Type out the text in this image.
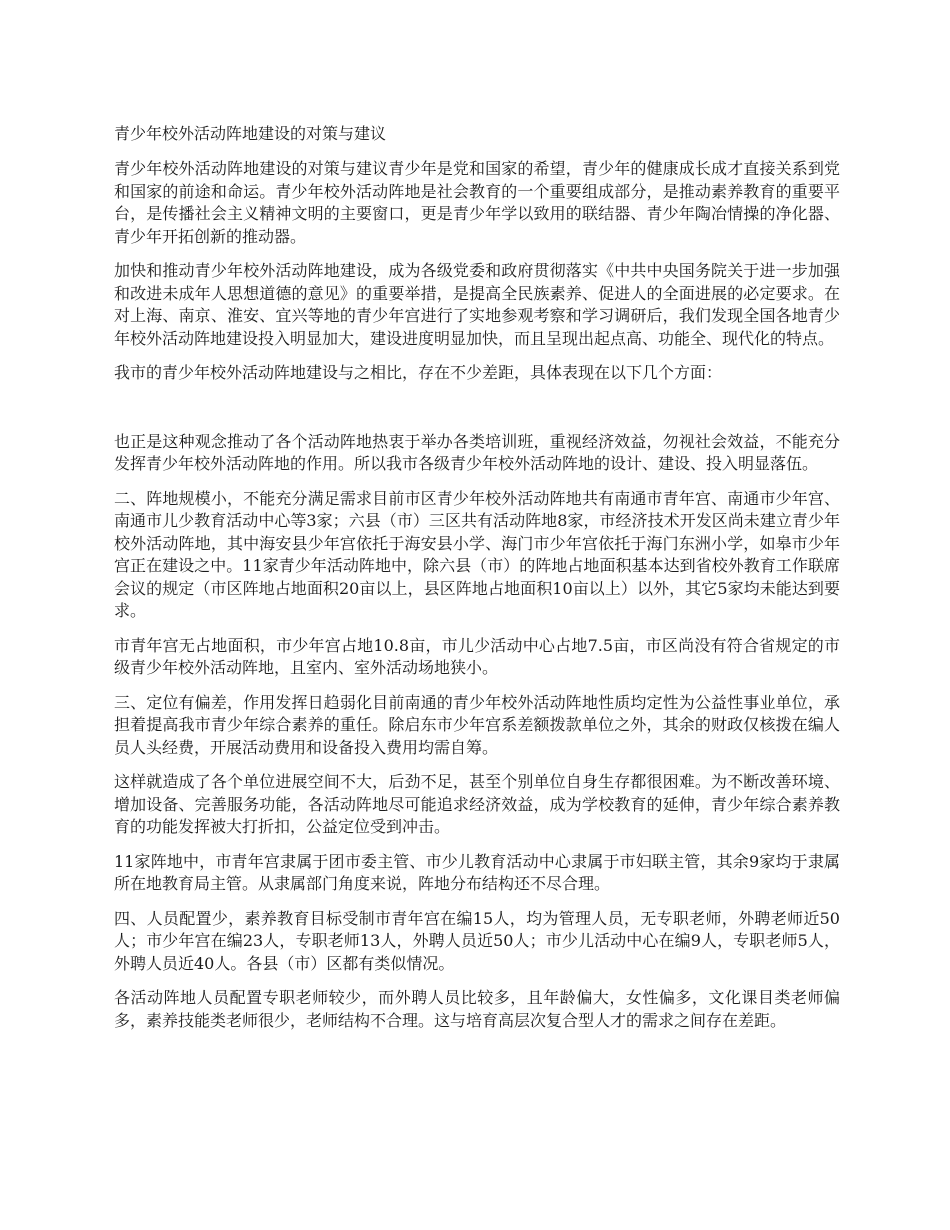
青少年校外活动阵地建设的对策与建议

青少年校外活动阵地建设的对策与建议青少年是党和国家的希望，青少年的健康成长成才直接关系到党和国家的前途和命运。青少年校外活动阵地是社会教育的一个重要组成部分，是推动素养教育的重要平台，是传播社会主义精神文明的主要窗口，更是青少年学以致用的联结器、青少年陶冶情操的净化器、青少年开拓创新的推动器。

加快和推动青少年校外活动阵地建设，成为各级党委和政府贯彻落实《中共中央国务院关于进一步加强和改进未成年人思想道德的意见》的重要举措，是提高全民族素养、促进人的全面进展的必定要求。在对上海、南京、淮安、宜兴等地的青少年宫进行了实地参观考察和学习调研后，我们发现全国各地青少年校外活动阵地建设投入明显加大，建设进度明显加快，而且呈现出起点高、功能全、现代化的特点。

我市的青少年校外活动阵地建设与之相比，存在不少差距，具体表现在以下几个方面：

也正是这种观念推动了各个活动阵地热衷于举办各类培训班，重视经济效益，勿视社会效益，不能充分发挥青少年校外活动阵地的作用。所以我市各级青少年校外活动阵地的设计、建设、投入明显落伍。

二、阵地规模小，不能充分满足需求目前市区青少年校外活动阵地共有南通市青年宫、南通市少年宫、南通市儿少教育活动中心等3家；六县（市）三区共有活动阵地8家，市经济技术开发区尚未建立青少年校外活动阵地，其中海安县少年宫依托于海安县小学、海门市少年宫依托于海门东洲小学，如皋市少年宫正在建设之中。11家青少年活动阵地中，除六县（市）的阵地占地面积基本达到省校外教育工作联席会议的规定（市区阵地占地面积20亩以上，县区阵地占地面积10亩以上）以外，其它5家均未能达到要求。

市青年宫无占地面积，市少年宫占地10.8亩，市儿少活动中心占地7.5亩，市区尚没有符合省规定的市级青少年校外活动阵地，且室内、室外活动场地狭小。

三、定位有偏差，作用发挥日趋弱化目前南通的青少年校外活动阵地性质均定性为公益性事业单位，承担着提高我市青少年综合素养的重任。除启东市少年宫系差额拨款单位之外，其余的财政仅核拨在编人员人头经费，开展活动费用和设备投入费用均需自筹。

这样就造成了各个单位进展空间不大，后劲不足，甚至个别单位自身生存都很困难。为不断改善环境、增加设备、完善服务功能，各活动阵地尽可能追求经济效益，成为学校教育的延伸，青少年综合素养教育的功能发挥被大打折扣，公益定位受到冲击。

11家阵地中，市青年宫隶属于团市委主管、市少儿教育活动中心隶属于市妇联主管，其余9家均于隶属所在地教育局主管。从隶属部门角度来说，阵地分布结构还不尽合理。

四、人员配置少，素养教育目标受制市青年宫在编15人，均为管理人员，无专职老师，外聘老师近50人；市少年宫在编23人，专职老师13人，外聘人员近50人；市少儿活动中心在编9人，专职老师5人，外聘人员近40人。各县（市）区都有类似情况。

各活动阵地人员配置专职老师较少，而外聘人员比较多，且年龄偏大，女性偏多，文化课目类老师偏多，素养技能类老师很少，老师结构不合理。这与培育高层次复合型人才的需求之间存在差距。
